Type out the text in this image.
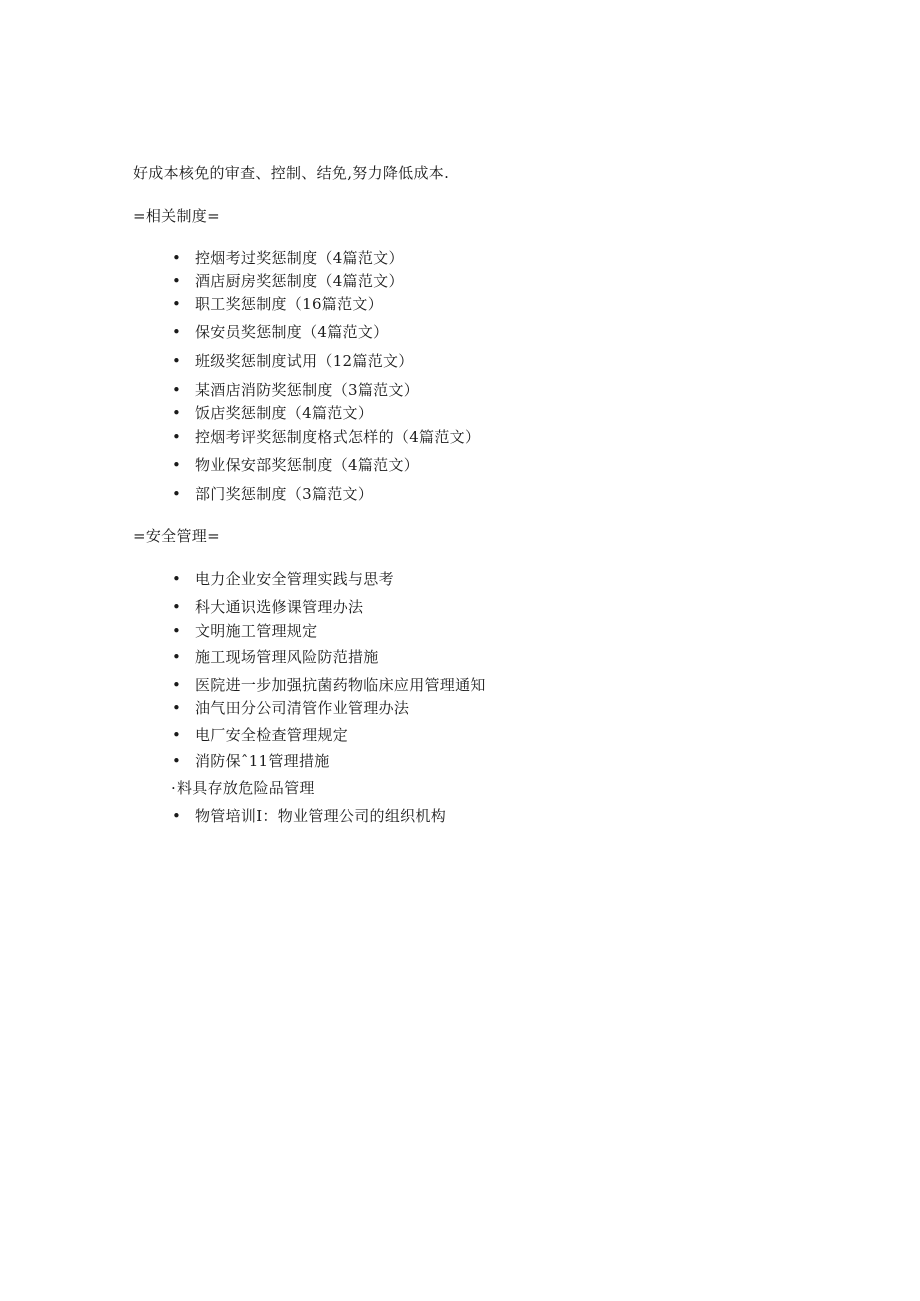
好成本核免的审查、控制、结免,努力降低成本.
=相关制度=
• 控烟考过奖惩制度（4篇范文）
• 酒店厨房奖惩制度（4篇范文）
• 职工奖惩制度（16篇范文）
• 保安员奖惩制度（4篇范文）
• 班级奖惩制度试用（12篇范文）
• 某酒店消防奖惩制度（3篇范文）
• 饭店奖惩制度（4篇范文）
• 控烟考评奖惩制度格式怎样的（4篇范文）
• 物业保安部奖惩制度（4篇范文）
• 部门奖惩制度（3篇范文）
=安全管理=
• 电力企业安全管理实践与思考
• 科大通识选修课管理办法
• 文明施工管理规定
• 施工现场管理风险防范措施
• 医院进一步加强抗菌药物临床应用管理通知
• 油气田分公司清管作业管理办法
• 电厂安全检查管理规定
• 消防保ˆ11管理措施
· 料具存放危险品管理
• 物管培训I：物业管理公司的组织机构
